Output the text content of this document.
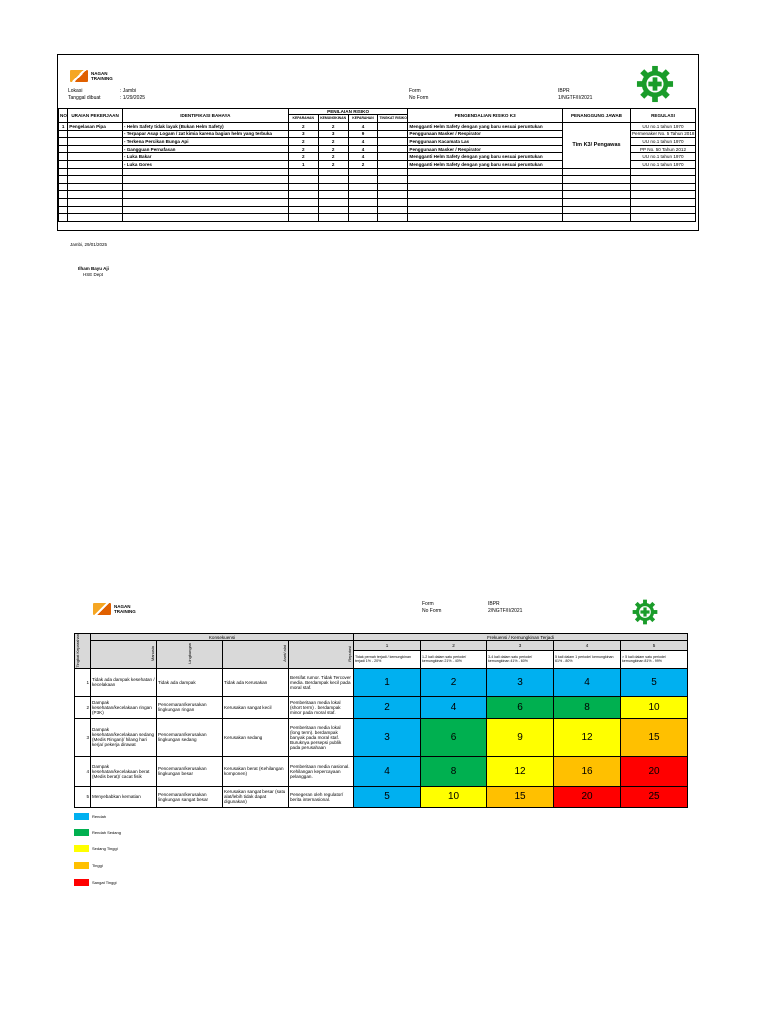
NAGAN
TRAINING
Lokasi	: Jambi
Tanggal dibuat	: 1/29/2025
Form	IBPR
No Form	1/NGTF/II/2021
NO	URAIAN PEKERJAAN	IDENTIFIKASI BAHAYA	PENILAIAN RISIKO				PENGENDALIAN RISIKO K3	PENANGGUNG JAWAB	REGULASI
			KEPARAHAN	KEMUNGKINAN	KEPARAHAN	TINGKAT RISIKO			
1	Pengelasan Pipa	- Helm Safety tidak layak (Bukan Helm Safety)	2	2	4		Mengganti Helm Safety dengan yang baru sesuai peruntukan	Tim K3/ Pengawas	UU no.1 tahun 1970
		- Terpapar Asap Logam / zat kimia karena bagian helm yang terbuka	3	3	9		Penggunaan Masker / Respirator		Permenaker No. 5 Tahun 2018
		- Terkena Percikan Bunga Api	2	2	4		Penggunaan Kacamata Las		UU no.1 tahun 1970
		- Gangguan Pernafasan	2	2	4		Penggunaan Masker / Respirator		PP No. 50 Tahun 2012
		- Luka Bakar	2	2	4		Mengganti Helm Safety dengan yang baru sesuai peruntukan		UU no.1 tahun 1970
		- Luka Gores	1	2	2		Mengganti Helm Safety dengan yang baru sesuai peruntukan		UU no.1 tahun 1970

Jambi, 29/01/2025
Ilham Bayu Aji
HSE Dept
NAGAN
TRAINING
Form	IBPR
No Form	2/NGTF/II/2021
Tingkat Keparahan	Konsekuensi				Frekuensi / Kemungkinan Terjadi				
	Manusia	Lingkungan	Aset/ alat	Reputasi	1	2	3	4	5
					Tidak pernah terjadi / kemungkinan terjadi 1% - 20%	1-2 kali dalam satu periode/ kemungkinan 21% - 40%	3-4 kali dalam satu periode/ kemungkinan 41% - 60%	5 kali dalam 1 periode/ kemungkinan 61% - 80%	> 5 kali dalam satu periode/ kemungkinan 81% - 99%
1	Tidak ada dampak kesehatan / kecelakaan	Tidak ada dampak	Tidak ada Kerusakan	Bersifat rumor. Tidak Tercover media. Berdampak kecil pada moral staf.	1	2	3	4	5
2	Dampak kesehatan/kecelakaan ringan (P3K)	Pencemaran/kerusakan lingkungan ringan	Kerusakan sangat kecil	Pemberitaan media lokal (short term) . berdampak minor pada moral staf.	2	4	6	8	10
3	Dampak kesehatan/kecelakaan sedang (Medis Ringan)/ hilang hari kerja/ pekerja dirawat	Pencemaran/kerusakan lingkungan sedang	Kerusakan sedang	Pemberitaan media lokal (long term). berdampak banyak pada moral staf. Buruknya persepsi publik pada perusahaan	3	6	9	12	15
4	Dampak kesehatan/kecelakaan berat (Medis berat)/ cacat fisik	Pencemaran/kerusakan lingkungan besar	Kerusakan berat (Kehilangan komponen)	Pemberitaan media nasional. Kehilangan kepercayaan pelanggan.	4	8	12	16	20
5	Menyebabkan kematian	Pencemaran/kerusakan lingkungan sangat besar	Kerusakan sangat besar (satu alat/lebih tidak dapat digunakan)	Penegeran oleh regulator/ berita internasional.	5	10	15	20	25
Rendah
Rendah Sedang
Sedang Tinggi
Tinggi
Sangat Tinggi
